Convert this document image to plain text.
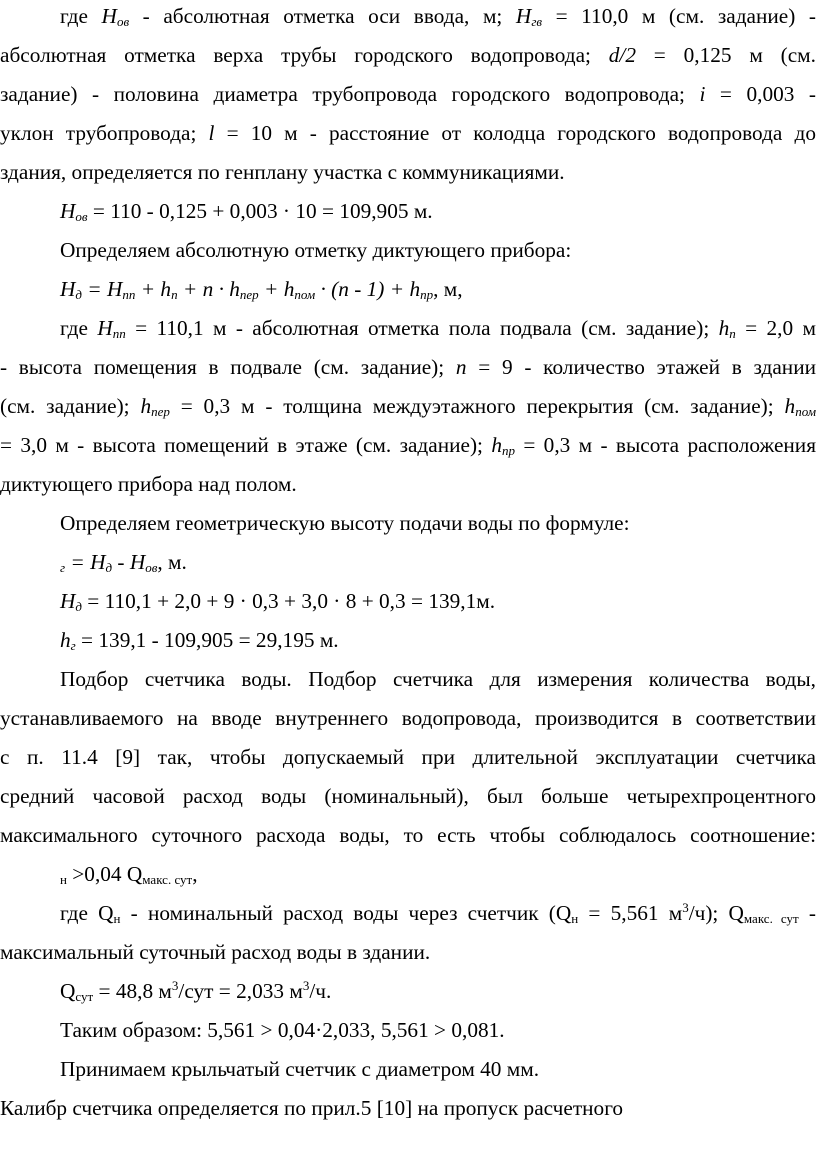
где $H_{ов}$ - абсолютная отметка оси ввода, м; $H_{гв} = 110,0$ м (см. задание) -
абсолютная отметка верха трубы городского водопровода; d/2 = 0,125 м (см.
задание) - половина диаметра трубопровода городского водопровода; i = 0,003 -
уклон трубопровода; l = 10 м - расстояние от колодца городского водопровода до
здания, определяется по генплану участка с коммуникациями.
$H_{ов} = 110 - 0,125 + 0,003 \cdot 10 = 109,905$ м.
Определяем абсолютную отметку диктующего прибора:
$H_д = H_{пп} + h_п + n \cdot h_{пер} + h_{пом} \cdot (n - 1) + h_{пр}$, м,
где $H_{пп} = 110,1$ м - абсолютная отметка пола подвала (см. задание); $h_п = 2,0$ м
- высота помещения в подвале (см. задание); n = 9 - количество этажей в здании
(см. задание); $h_{пер} = 0,3$ м - толщина междуэтажного перекрытия (см. задание); $h_{пом}$
= 3,0 м - высота помещений в этаже (см. задание); $h_{пр} = 0,3$ м - высота расположения
диктующего прибора над полом.
Определяем геометрическую высоту подачи воды по формуле:
$г = H_д - H_{ов}$, м.
$H_д = 110,1 + 2,0 + 9 \cdot 0,3 + 3,0 \cdot 8 + 0,3 = 139,1м$.
$h_г = 139,1 - 109,905 = 29,195$ м.
Подбор счетчика воды. Подбор счетчика для измерения количества воды,
устанавливаемого на вводе внутреннего водопровода, производится в соответствии
с п. 11.4 [9] так, чтобы допускаемый при длительной эксплуатации счетчика
средний часовой расход воды (номинальный), был больше четырехпроцентного
максимального суточного расхода воды, то есть чтобы соблюдалось соотношение:
н >0,04 $Q_{макс. сут}$,
где $Q_н$ - номинальный расход воды через счетчик ($Q_н = 5,561$ $м^3/ч$); $Q_{макс. сут}$ -
максимальный суточный расход воды в здании.
$Q_{сут} = 48,8$ $м^3$/сут = 2,033 $м^3/ч$.
Таким образом: 5,561 > 0,04·2,033, 5,561 > 0,081.
Принимаем крыльчатый счетчик с диаметром 40 мм.
Калибр счетчика определяется по прил.5 [10] на пропуск расчетного
